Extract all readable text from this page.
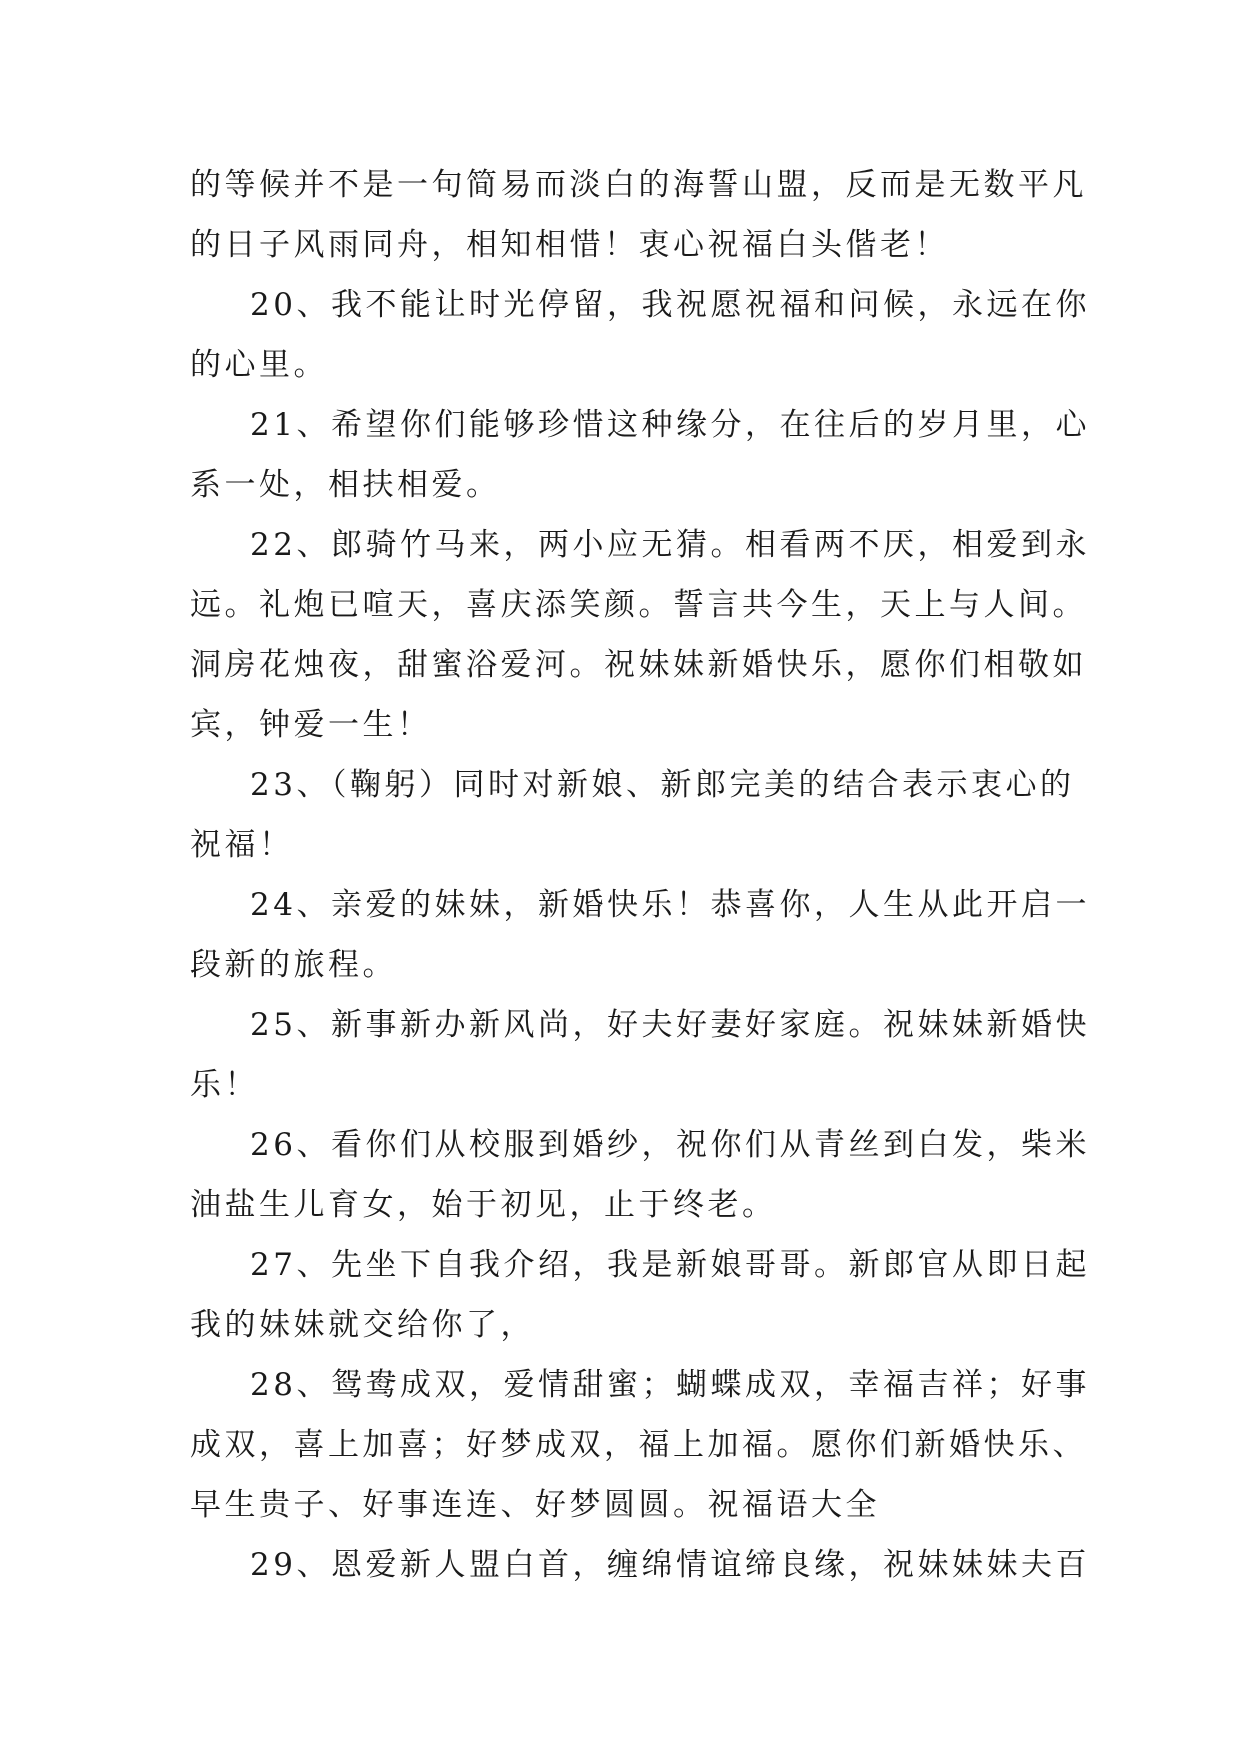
的等候并不是一句简易而淡白的海誓山盟，反而是无数平凡
的日子风雨同舟，相知相惜！衷心祝福白头偕老！
20、我不能让时光停留，我祝愿祝福和问候，永远在你
的心里。
21、希望你们能够珍惜这种缘分，在往后的岁月里，心
系一处，相扶相爱。
22、郎骑竹马来，两小应无猜。相看两不厌，相爱到永
远。礼炮已喧天，喜庆添笑颜。誓言共今生，天上与人间。
洞房花烛夜，甜蜜浴爱河。祝妹妹新婚快乐，愿你们相敬如
宾，钟爱一生！
23、（鞠躬）同时对新娘、新郎完美的结合表示衷心的
祝福！
24、亲爱的妹妹，新婚快乐！恭喜你，人生从此开启一
段新的旅程。
25、新事新办新风尚，好夫好妻好家庭。祝妹妹新婚快
乐！
26、看你们从校服到婚纱，祝你们从青丝到白发，柴米
油盐生儿育女，始于初见，止于终老。
27、先坐下自我介绍，我是新娘哥哥。新郎官从即日起
我的妹妹就交给你了，
28、鸳鸯成双，爱情甜蜜；蝴蝶成双，幸福吉祥；好事
成双，喜上加喜；好梦成双，福上加福。愿你们新婚快乐、
早生贵子、好事连连、好梦圆圆。祝福语大全
29、恩爱新人盟白首，缠绵情谊缔良缘，祝妹妹妹夫百
